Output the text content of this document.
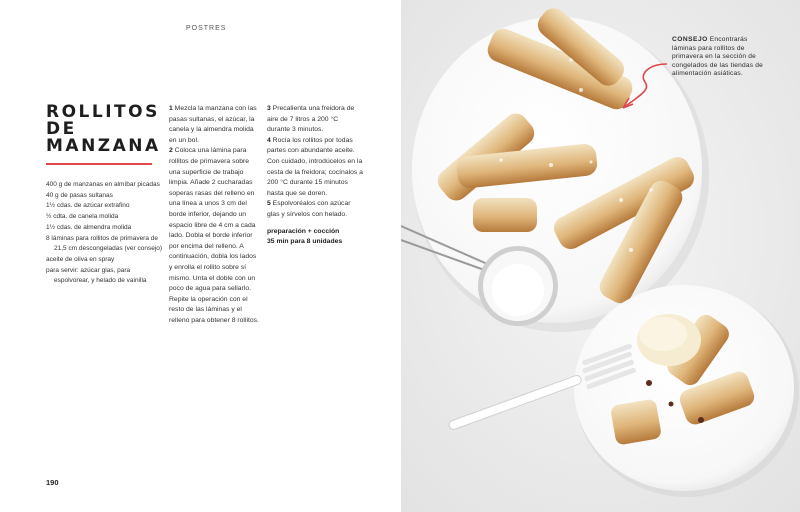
POSTRES
ROLLITOS
DE
MANZANA

400 g de manzanas en almíbar picadas

40 g de pasas sultanas

1½ cdas. de azúcar extrafino

½ cdta. de canela molida

1½ cdas. de almendra molida

8 láminas para rollitos de primavera de 21,5 cm descongeladas (ver consejo)

aceite de oliva en spray

para servir: azúcar glas, para espolvorear, y helado de vainilla

1 Mezcla la manzana con las pasas sultanas, el azúcar, la canela y la almendra molida en un bol.

2 Coloca una lámina para rollitos de primavera sobre una superficie de trabajo limpia. Añade 2 cucharadas soperas rasas del relleno en una línea a unos 3 cm del borde inferior, dejando un espacio libre de 4 cm a cada lado. Dobla el borde inferior por encima del relleno. A continuación, dobla los lados y enrolla el rollito sobre sí mismo. Unta el doble con un poco de agua para sellarlo. Repite la operación con el resto de las láminas y el relleno para obtener 8 rollitos.

3 Precalienta una freidora de aire de 7 litros a 200 °C durante 3 minutos.

4 Rocía los rollitos por todas partes con abundante aceite. Con cuidado, introdúcelos en la cesta de la freidora; cocínalos a 200 °C durante 15 minutos hasta que se doren.

5 Espolvoréalos con azúcar glas y sírvelos con helado.

preparación + cocción
35 min para 8 unidades
190
CONSEJO Encontrarás láminas para rollitos de primavera en la sección de congelados de las tiendas de alimentación asiáticas.
